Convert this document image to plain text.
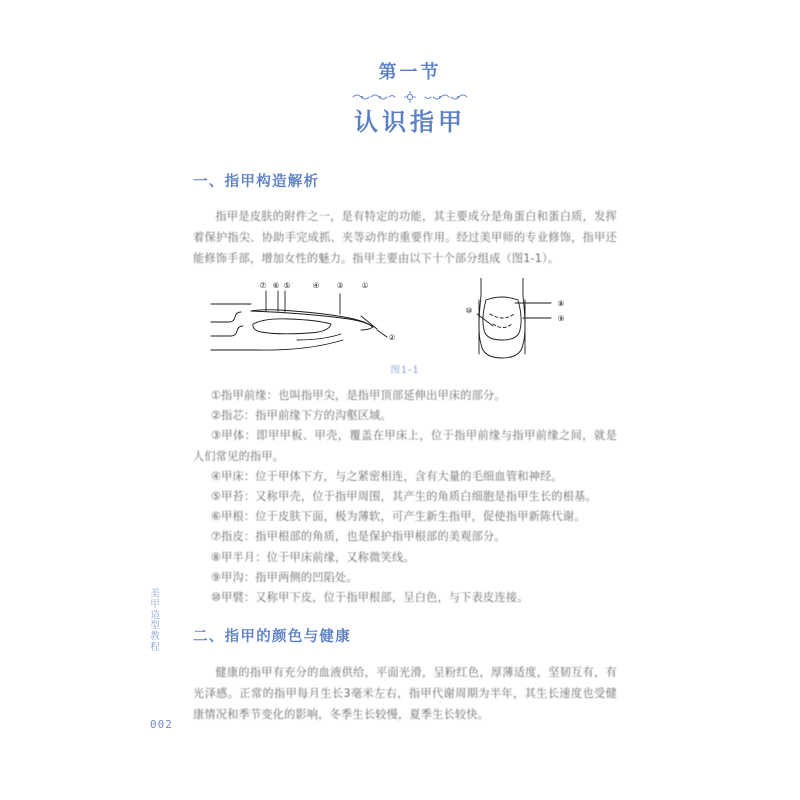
美甲造型教程
002
第一节
认识指甲
一、指甲构造解析
指甲是皮肤的附件之一，是有特定的功能，其主要成分是角蛋白和蛋白质，发挥着保护指尖、协助手完成抓、夹等动作的重要作用。经过美甲师的专业修饰，指甲还能修饰手部，增加女性的魅力。指甲主要由以下十个部分组成（图1-1）。
⑦ ⑥ ⑤	④ ③ ①
②
⑧
⑨
⑩
图1-1
①指甲前缘：也叫指甲尖，是指甲顶部延伸出甲床的部分。
②指芯：指甲前缘下方的沟壑区域。
③甲体：即甲甲板、甲壳，覆盖在甲床上，位于指甲前缘与指甲前缘之间，就是人们常见的指甲。
④甲床：位于甲体下方，与之紧密相连，含有大量的毛细血管和神经。
⑤甲苔：又称甲壳，位于指甲周围，其产生的角质白细胞是指甲生长的根基。
⑥甲根：位于皮肤下面，极为薄软，可产生新生指甲，促使指甲新陈代谢。
⑦指皮：指甲根部的角质，也是保护指甲根部的美观部分。
⑧甲半月：位于甲床前缘，又称微笑线。
⑨甲沟：指甲两侧的凹陷处。
⑩甲襞：又称甲下皮，位于指甲根部，呈白色，与下表皮连接。
二、指甲的颜色与健康
健康的指甲有充分的血液供给，平面光滑，呈粉红色，厚薄适度，坚韧互有，有光泽感。正常的指甲每月生长3毫米左右，指甲代谢周期为半年，其生长速度也受健康情况和季节变化的影响，冬季生长较慢，夏季生长较快。
